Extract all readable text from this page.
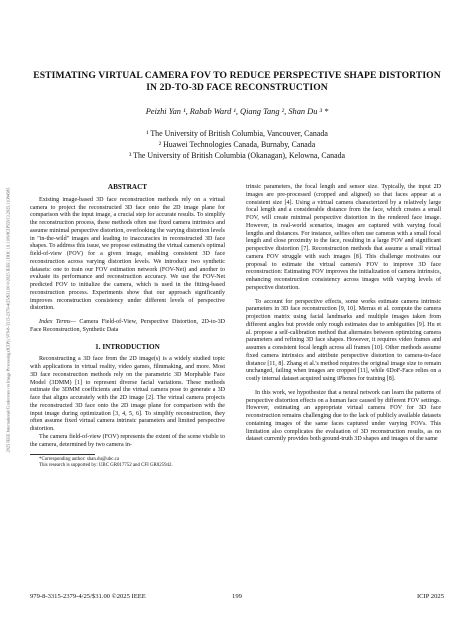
2025 IEEE International Conference on Image Processing (ICIP) | 979-8-3315-2379-4/25/$31.00 ©2025 IEEE | DOI: 10.1109/ICIP55913.2025.11084585
ESTIMATING VIRTUAL CAMERA FOV TO REDUCE PERSPECTIVE SHAPE DISTORTION IN 2D-TO-3D FACE RECONSTRUCTION
Peizhi Yan ¹, Rabab Ward ¹, Qiang Tang ², Shan Du ³ *
¹ The University of British Columbia, Vancouver, Canada
² Huawei Technologies Canada, Burnaby, Canada
³ The University of British Columbia (Okanagan), Kelowna, Canada
ABSTRACT

Existing image-based 3D face reconstruction methods rely on a virtual camera to project the reconstructed 3D face onto the 2D image plane for comparison with the input image, a crucial step for accurate results. To simplify the reconstruction process, these methods often use fixed camera intrinsics and assume minimal perspective distortion, overlooking the varying distortion levels in "in-the-wild" images and leading to inaccuracies in reconstructed 3D face shapes. To address this issue, we propose estimating the virtual camera's optimal field-of-view (FOV) for a given image, enabling consistent 3D face reconstruction across varying distortion levels. We introduce two synthetic datasets: one to train our FOV estimation network (FOV-Net) and another to evaluate its performance and reconstruction accuracy. We use the FOV-Net predicted FOV to initialize the camera, which is used in the fitting-based reconstruction process. Experiments show that our approach significantly improves reconstruction consistency under different levels of perspective distortion.

Index Terms— Camera Field-of-View, Perspective Distortion, 2D-to-3D Face Reconstruction, Synthetic Data

1. INTRODUCTION

Reconstructing a 3D face from the 2D image(s) is a widely studied topic with applications in virtual reality, video games, filmmaking, and more. Most 3D face reconstruction methods rely on the parametric 3D Morphable Face Model (3DMM) [1] to represent diverse facial variations. These methods estimate the 3DMM coefficients and the virtual camera pose to generate a 3D face that aligns accurately with the 2D image [2]. The virtual camera projects the reconstructed 3D face onto the 2D image plane for comparison with the input image during optimization [3, 4, 5, 6]. To simplify reconstruction, they often assume fixed virtual camera intrinsic parameters and limited perspective distortion.

The camera field-of-view (FOV) represents the extent of the scene visible to the camera, determined by two camera in-

*Corresponding author: shan.du@ubc.ca
This research is supported by: UBC GR017752 and CFI GR025942.

trinsic parameters, the focal length and sensor size. Typically, the input 2D images are pre-processed (cropped and aligned) so that faces appear at a consistent size [4]. Using a virtual camera characterized by a relatively large focal length and a considerable distance from the face, which creates a small FOV, will create minimal perspective distortion in the rendered face image. However, in real-world scenarios, images are captured with varying focal lengths and distances. For instance, selfies often use cameras with a small focal length and close proximity to the face, resulting in a large FOV and significant perspective distortion [7]. Reconstruction methods that assume a small virtual camera FOV struggle with such images [8]. This challenge motivates our proposal to estimate the virtual camera's FOV to improve 3D face reconstruction: Estimating FOV improves the initialization of camera intrinsics, enhancing reconstruction consistency across images with varying levels of perspective distortion.

To account for perspective effects, some works estimate camera intrinsic parameters in 3D face reconstruction [9, 10]. Merras et al. compute the camera projection matrix using facial landmarks and multiple images taken from different angles but provide only rough estimates due to ambiguities [9]. Hu et al. propose a self-calibration method that alternates between optimizing camera parameters and refining 3D face shapes. However, it requires video frames and assumes a consistent focal length across all frames [10]. Other methods assume fixed camera intrinsics and attribute perspective distortion to camera-to-face distance [11, 8]. Zhang et al.'s method requires the original image size to remain unchanged, failing when images are cropped [11], while 6DoF-Face relies on a costly internal dataset acquired using iPhones for training [8].

In this work, we hypothesize that a neural network can learn the patterns of perspective distortion effects on a human face caused by different FOV settings. However, estimating an appropriate virtual camera FOV for 3D face reconstruction remains challenging due to the lack of publicly available datasets containing images of the same faces captured under varying FOVs. This limitation also complicates the evaluation of 3D reconstruction results, as no dataset currently provides both ground-truth 3D shapes and images of the same

979-8-3315-2379-4/25/$31.00 ©2025 IEEE	199	ICIP 2025
